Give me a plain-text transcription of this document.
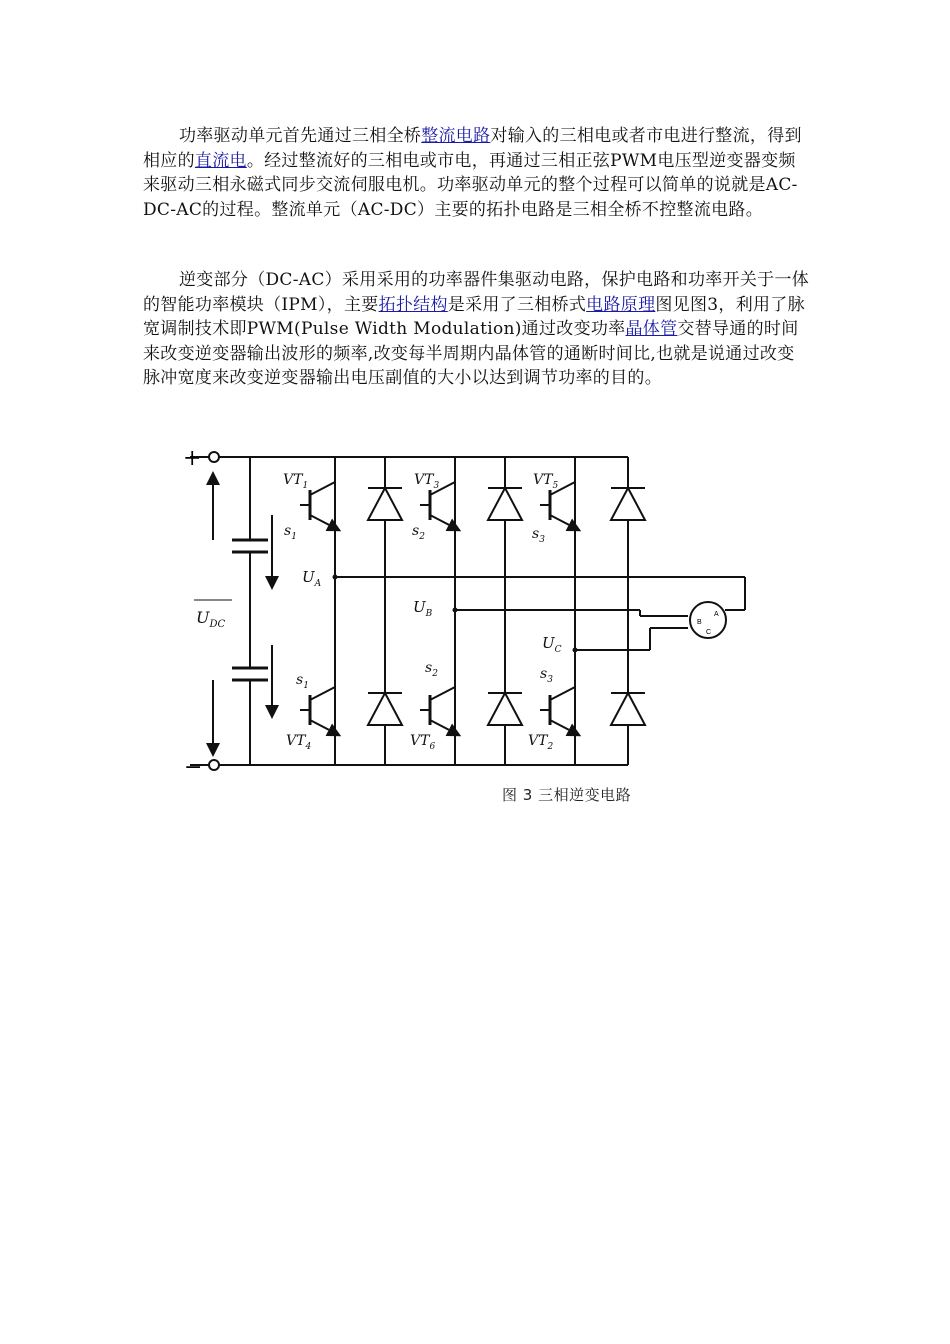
功率驱动单元首先通过三相全桥整流电路对输入的三相电或者市电进行整流，得到相应的直流电。经过整流好的三相电或市电，再通过三相正弦PWM电压型逆变器变频来驱动三相永磁式同步交流伺服电机。功率驱动单元的整个过程可以简单的说就是AC-DC-AC的过程。整流单元（AC-DC）主要的拓扑电路是三相全桥不控整流电路。

逆变部分（DC-AC）采用采用的功率器件集驱动电路，保护电路和功率开关于一体的智能功率模块（IPM），主要拓扑结构是采用了三相桥式电路原理图见图3，利用了脉宽调制技术即PWM(Pulse Width Modulation)通过改变功率晶体管交替导通的时间来改变逆变器输出波形的频率,改变每半周期内晶体管的通断时间比,也就是说通过改变脉冲宽度来改变逆变器输出电压副值的大小以达到调节功率的目的。

+
−
$U_{DC}$
$U_A$
$U_B$
$U_C$
$VT_1$	$VT_3$	$VT_5$
$VT_4$	$VT_6$	$VT_2$
$s_1$	$s_2$	$s_3$
$s_1$
$s_2$	$s_3$
A
B
C
图 3 三相逆变电路
